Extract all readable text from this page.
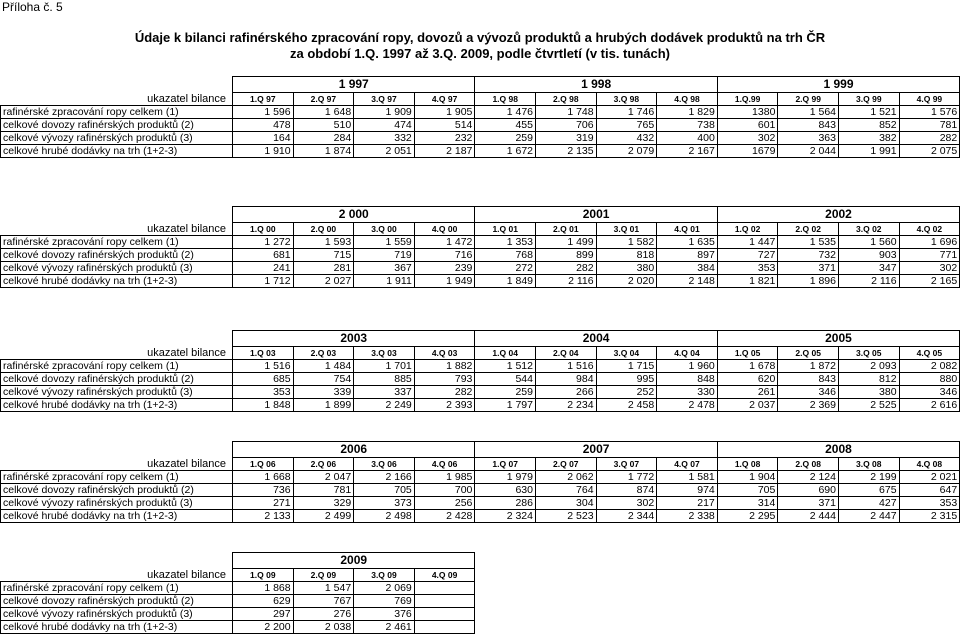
Příloha č. 5
Údaje k bilanci rafinérského zpracování ropy, dovozů a vývozů produktů a hrubých dodávek produktů na trh ČR
za období 1.Q. 1997 až 3.Q. 2009, podle čtvrtletí (v tis. tunách)
	1 997				1 998				1 999			
ukazatel bilance	1.Q 97	2.Q 97	3.Q 97	4.Q 97	1.Q 98	2.Q 98	3.Q 98	4.Q 98	1.Q.99	2.Q 99	3.Q 99	4.Q 99
rafinérské zpracování ropy celkem (1)	1 596	1 648	1 909	1 905	1 476	1 748	1 746	1 829	1380	1 564	1 521	1 576
celkové dovozy rafinérských produktů (2)	478	510	474	514	455	706	765	738	601	843	852	781
celkové vývozy rafinérských produktů (3)	164	284	332	232	259	319	432	400	302	363	382	282
celkové hrubé dodávky na trh (1+2-3)	1 910	1 874	2 051	2 187	1 672	2 135	2 079	2 167	1679	2 044	1 991	2 075
	2 000				2001				2002			
ukazatel bilance	1.Q 00	2.Q 00	3.Q 00	4.Q 00	1.Q 01	2.Q 01	3.Q 01	4.Q 01	1.Q 02	2.Q 02	3.Q 02	4.Q 02
rafinérské zpracování ropy celkem (1)	1 272	1 593	1 559	1 472	1 353	1 499	1 582	1 635	1 447	1 535	1 560	1 696
celkové dovozy rafinérských produktů (2)	681	715	719	716	768	899	818	897	727	732	903	771
celkové vývozy rafinérských produktů (3)	241	281	367	239	272	282	380	384	353	371	347	302
celkové hrubé dodávky na trh (1+2-3)	1 712	2 027	1 911	1 949	1 849	2 116	2 020	2 148	1 821	1 896	2 116	2 165
	2003				2004				2005			
ukazatel bilance	1.Q 03	2.Q 03	3.Q 03	4.Q 03	1.Q 04	2.Q 04	3.Q 04	4.Q 04	1.Q 05	2.Q 05	3.Q 05	4.Q 05
rafinérské zpracování ropy celkem (1)	1 516	1 484	1 701	1 882	1 512	1 516	1 715	1 960	1 678	1 872	2 093	2 082
celkové dovozy rafinérských produktů (2)	685	754	885	793	544	984	995	848	620	843	812	880
celkové vývozy rafinérských produktů (3)	353	339	337	282	259	266	252	330	261	346	380	346
celkové hrubé dodávky na trh (1+2-3)	1 848	1 899	2 249	2 393	1 797	2 234	2 458	2 478	2 037	2 369	2 525	2 616
	2006				2007				2008			
ukazatel bilance	1.Q 06	2.Q 06	3.Q 06	4.Q 06	1.Q 07	2.Q 07	3.Q 07	4.Q 07	1.Q 08	2.Q 08	3.Q 08	4.Q 08
rafinérské zpracování ropy celkem (1)	1 668	2 047	2 166	1 985	1 979	2 062	1 772	1 581	1 904	2 124	2 199	2 021
celkové dovozy rafinérských produktů (2)	736	781	705	700	630	764	874	974	705	690	675	647
celkové vývozy rafinérských produktů (3)	271	329	373	256	286	304	302	217	314	371	427	353
celkové hrubé dodávky na trh (1+2-3)	2 133	2 499	2 498	2 428	2 324	2 523	2 344	2 338	2 295	2 444	2 447	2 315
	2009			
ukazatel bilance	1.Q 09	2.Q 09	3.Q 09	4.Q 09
rafinérské zpracování ropy celkem (1)	1 868	1 547	2 069	
celkové dovozy rafinérských produktů (2)	629	767	769	
celkové vývozy rafinérských produktů (3)	297	276	376	
celkové hrubé dodávky na trh (1+2-3)	2 200	2 038	2 461	
